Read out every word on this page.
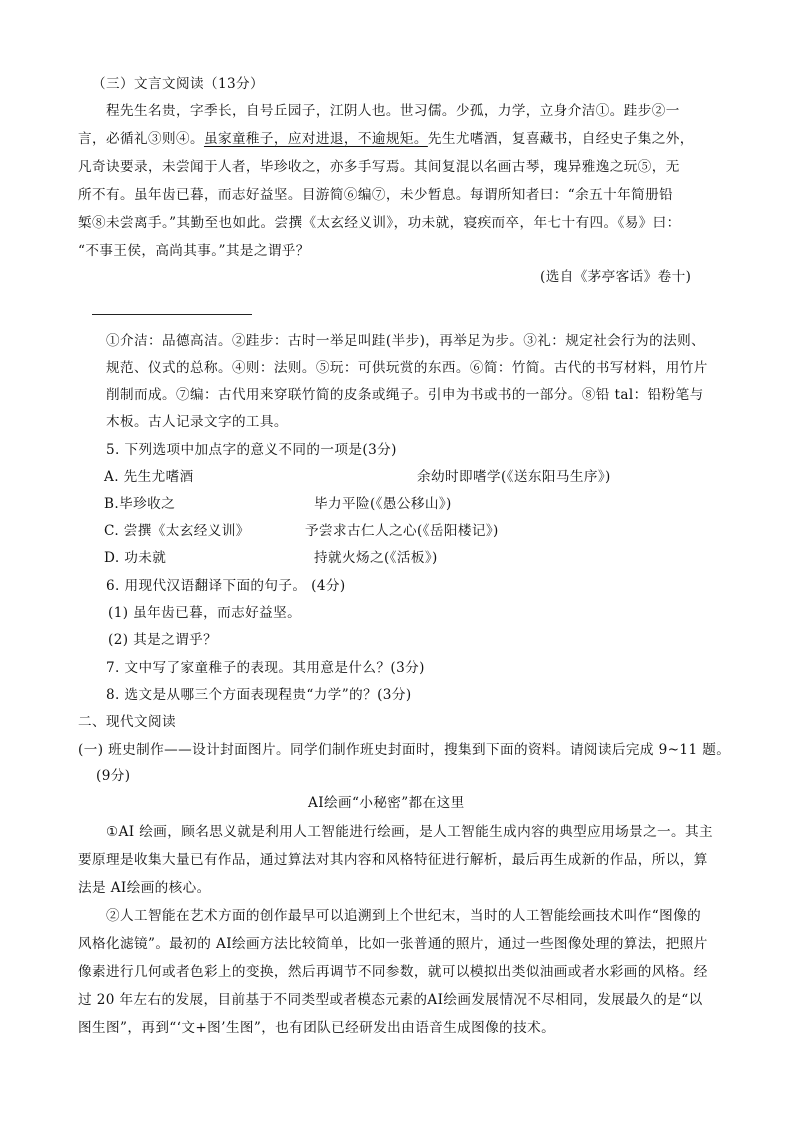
（三）文言文阅读（13分）
程先生名贵，字季长，自号丘园子，江阴人也。世习儒。少孤，力学，立身介洁①。跬步②一
言，必循礼③则④。虽家童稚子，应对进退，不逾规矩。先生尤嗜酒，复喜藏书，自经史子集之外，
凡奇诀要录，未尝闻于人者，毕珍收之，亦多手写焉。其间复混以名画古琴，瑰异雅逸之玩⑤，无
所不有。虽年齿已暮，而志好益坚。目游简⑥编⑦，未少暂息。每谓所知者曰：“余五十年简册铅
椠⑧未尝离手。”其勤至也如此。尝撰《太玄经义训》，功未就，寝疾而卒，年七十有四。《易》曰：
“不事王侯，高尚其事。”其是之谓乎？
(选自《茅亭客话》卷十)
①介洁：品德高洁。②跬步：古时一举足叫跬(半步)，再举足为步。③礼：规定社会行为的法则、
规范、仪式的总称。④则：法则。⑤玩：可供玩赏的东西。⑥简：竹简。古代的书写材料，用竹片
削制而成。⑦编：古代用来穿联竹简的皮条或绳子。引申为书或书的一部分。⑧铅 tal：铅粉笔与
木板。古人记录文字的工具。
5. 下列选项中加点字的意义不同的一项是(3分)
A. 先生尤嗜酒	余幼时即嗜学(《送东阳马生序》)
B.毕珍收之	毕力平险(《愚公移山》)
C. 尝撰《太玄经义训》	予尝求古仁人之心(《岳阳楼记》)
D. 功未就	持就火炀之(《活板》)
6. 用现代汉语翻译下面的句子。 (4分)
(1) 虽年齿已暮，而志好益坚。
(2) 其是之谓乎？
7. 文中写了家童稚子的表现。其用意是什么？(3分)
8. 选文是从哪三个方面表现程贵“力学”的？(3分)
二、现代文阅读
(一) 班史制作——设计封面图片。同学们制作班史封面时，搜集到下面的资料。请阅读后完成 9~11 题。
(9分)
AI绘画“小秘密”都在这里
①AI 绘画，顾名思义就是利用人工智能进行绘画，是人工智能生成内容的典型应用场景之一。其主
要原理是收集大量已有作品，通过算法对其内容和风格特征进行解析，最后再生成新的作品，所以，算
法是 AI绘画的核心。
②人工智能在艺术方面的创作最早可以追溯到上个世纪末，当时的人工智能绘画技术叫作“图像的
风格化滤镜”。最初的 AI绘画方法比较简单，比如一张普通的照片，通过一些图像处理的算法，把照片
像素进行几何或者色彩上的变换，然后再调节不同参数，就可以模拟出类似油画或者水彩画的风格。经
过 20 年左右的发展，目前基于不同类型或者模态元素的AI绘画发展情况不尽相同，发展最久的是“以
图生图”，再到“‘文+图’生图”，也有团队已经研发出由语音生成图像的技术。
